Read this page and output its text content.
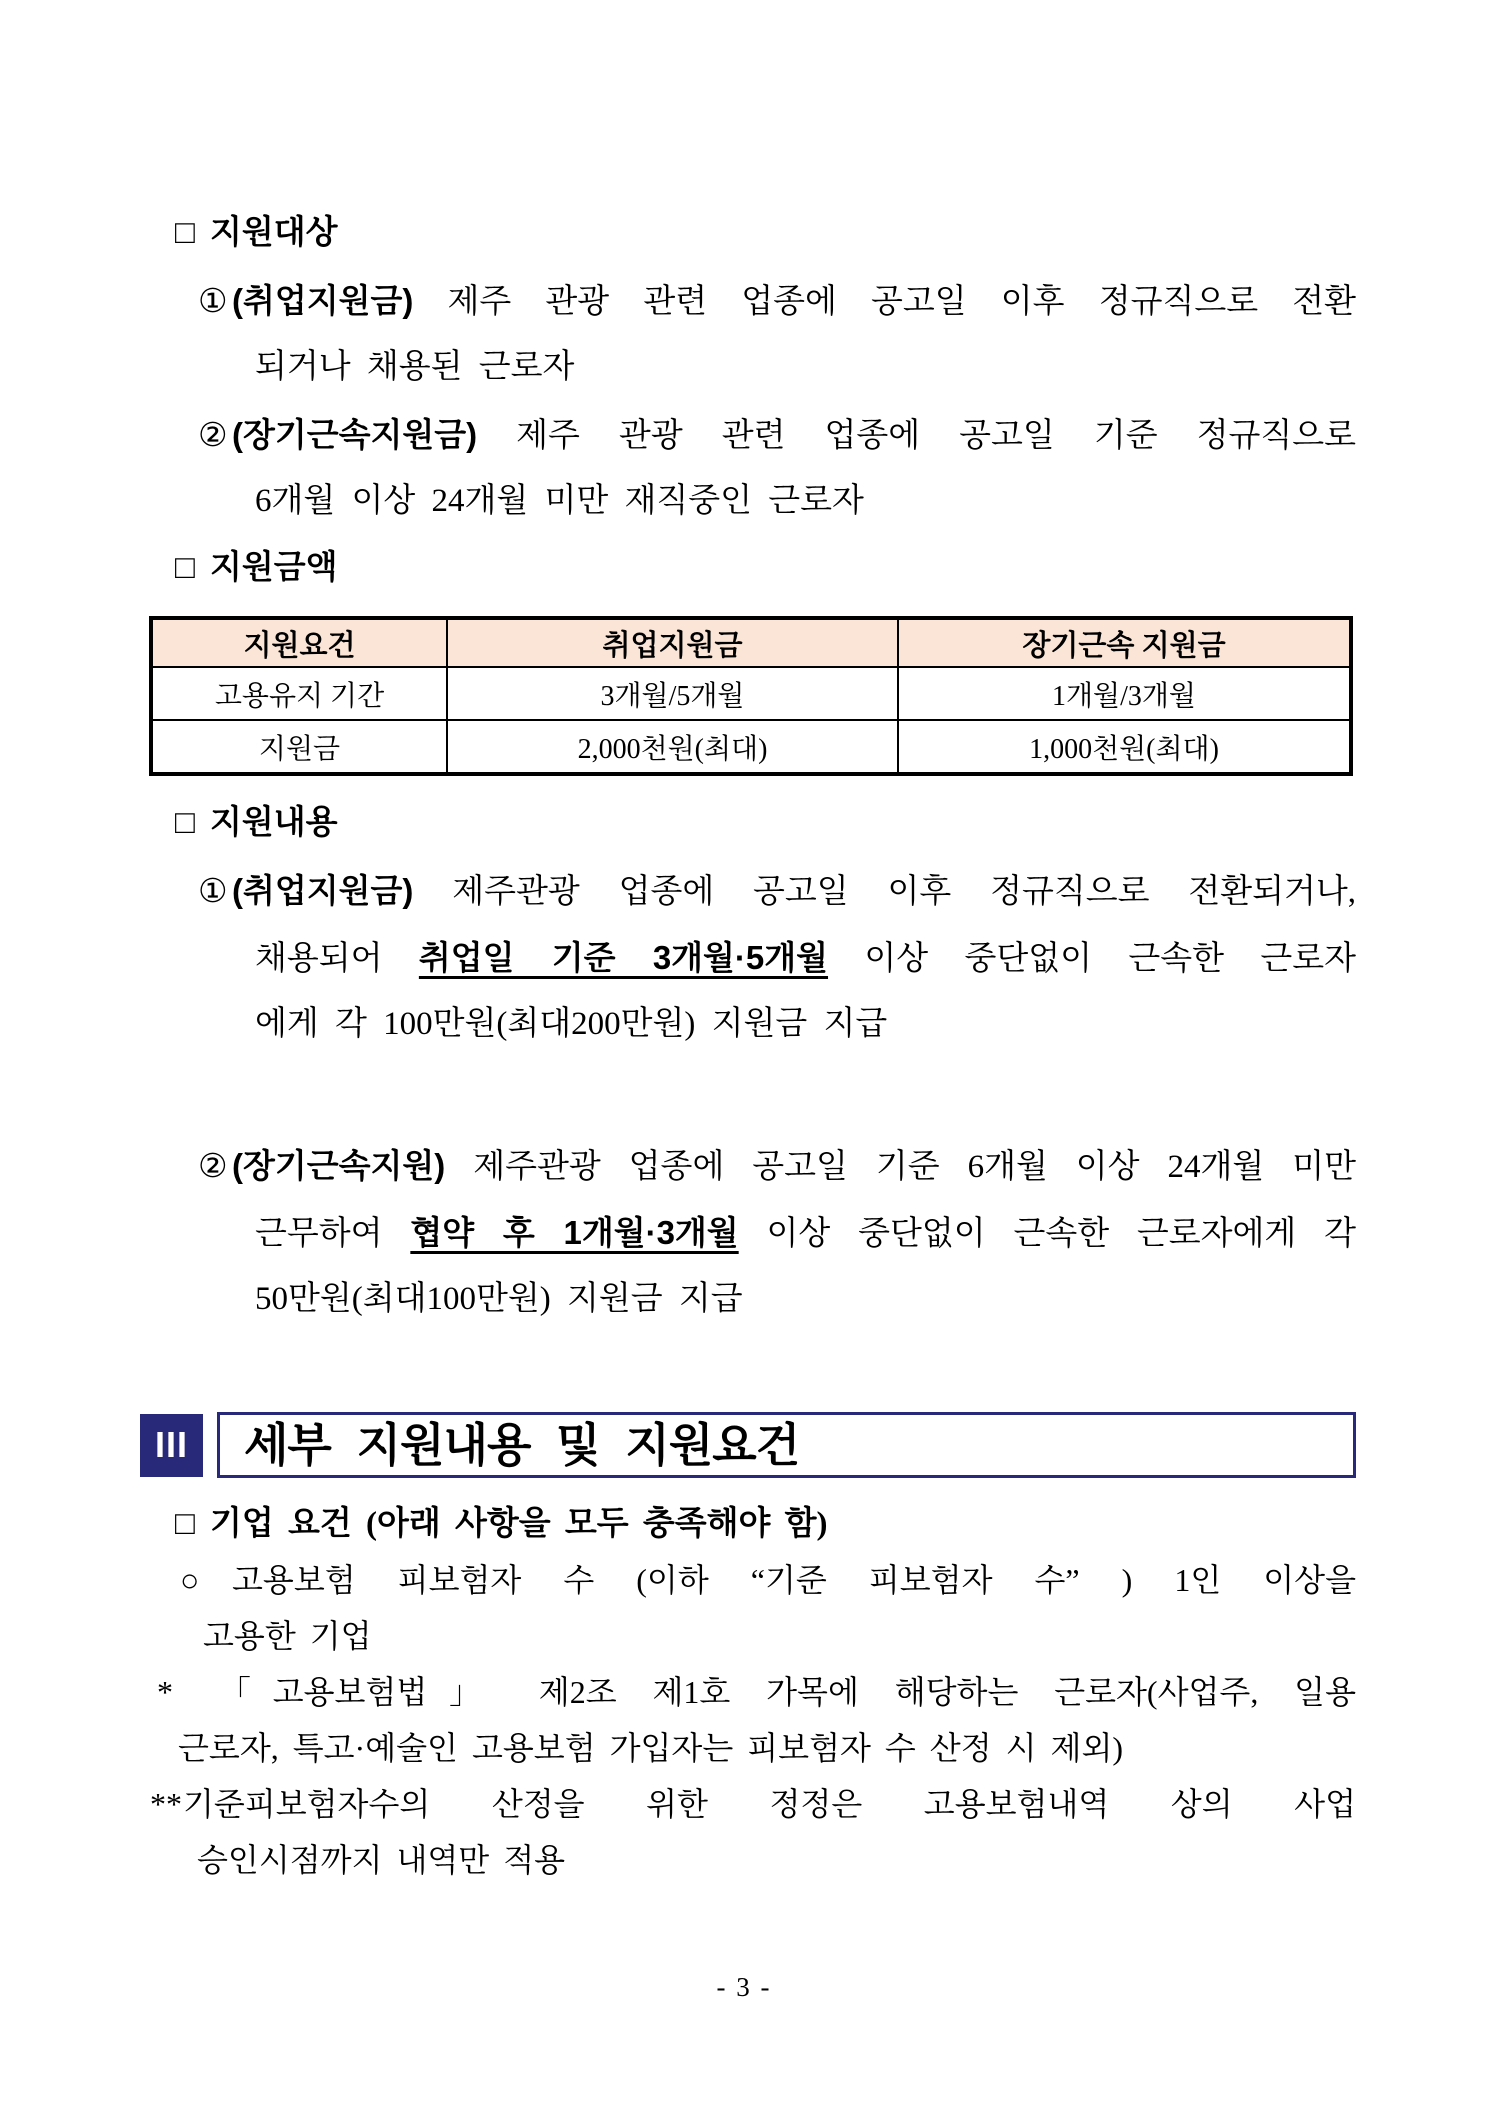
□ 지원대상
① (취업지원금) 제주 관광 관련 업종에 공고일 이후 정규직으로 전환
되거나 채용된 근로자
② (장기근속지원금) 제주 관광 관련 업종에 공고일 기준 정규직으로
6개월 이상 24개월 미만 재직중인 근로자
□ 지원금액
지원요건	취업지원금	장기근속 지원금
고용유지 기간	3개월/5개월	1개월/3개월
지원금	2,000천원(최대)	1,000천원(최대)
□ 지원내용
① (취업지원금) 제주관광 업종에 공고일 이후 정규직으로 전환되거나,
채용되어 취업일 기준 3개월·5개월 이상 중단없이 근속한 근로자
에게 각 100만원(최대200만원) 지원금 지급
② (장기근속지원) 제주관광 업종에 공고일 기준 6개월 이상 24개월 미만
근무하여 협약 후 1개월·3개월 이상 중단없이 근속한 근로자에게 각
50만원(최대100만원) 지원금 지급
III	세부 지원내용 및 지원요건
□ 기업 요건 (아래 사항을 모두 충족해야 함)
○ 고용보험 피보험자 수 (이하 “기준 피보험자 수” ) 1인 이상을
고용한 기업
* 「고용보험법」 제2조 제1호 가목에 해당하는 근로자(사업주, 일용
근로자, 특고·예술인 고용보험 가입자는 피보험자 수 산정 시 제외)
**기준피보험자수의 산정을 위한 정정은 고용보험내역 상의 사업
승인시점까지 내역만 적용
- 3 -
